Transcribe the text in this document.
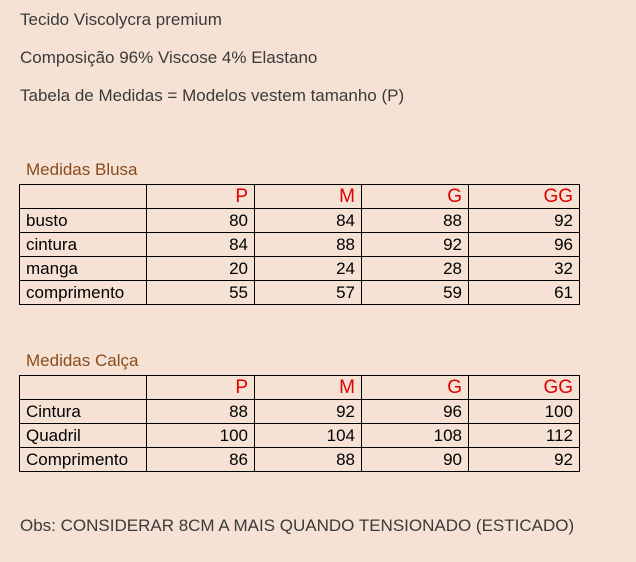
Tecido Viscolycra premium
Composição 96% Viscose 4% Elastano
Tabela de Medidas = Modelos vestem tamanho (P)
Medidas Blusa
	P	M	G	GG
busto	80	84	88	92
cintura	84	88	92	96
manga	20	24	28	32
comprimento	55	57	59	61
Medidas Calça
	P	M	G	GG
Cintura	88	92	96	100
Quadril	100	104	108	112
Comprimento	86	88	90	92
Obs: CONSIDERAR 8CM A MAIS QUANDO TENSIONADO (ESTICADO)
